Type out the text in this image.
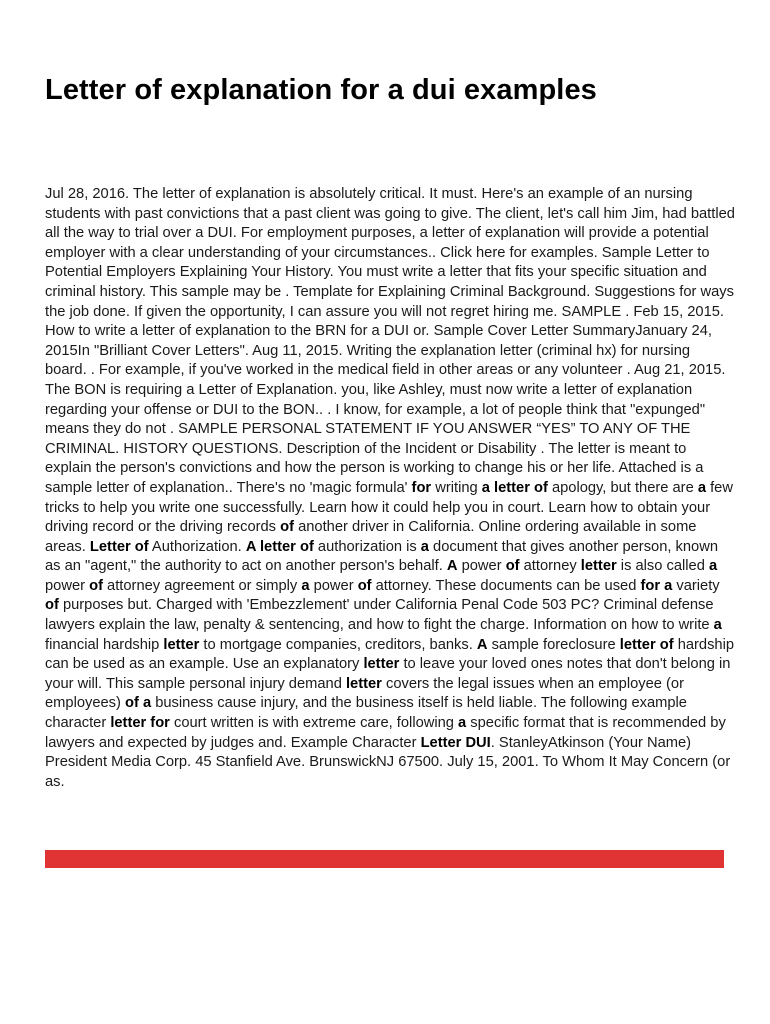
Letter of explanation for a dui examples

Jul 28, 2016. The letter of explanation is absolutely critical. It must. Here's an example of an nursing students with past convictions that a past client was going to give. The client, let's call him Jim, had battled all the way to trial over a DUI. For employment purposes, a letter of explanation will provide a potential employer with a clear understanding of your circumstances.. Click here for examples. Sample Letter to Potential Employers Explaining Your History. You must write a letter that fits your specific situation and criminal history. This sample may be . Template for Explaining Criminal Background. Suggestions for ways the job done. If given the opportunity, I can assure you will not regret hiring me. SAMPLE . Feb 15, 2015. How to write a letter of explanation to the BRN for a DUI or. Sample Cover Letter SummaryJanuary 24, 2015In "Brilliant Cover Letters". Aug 11, 2015. Writing the explanation letter (criminal hx) for nursing board. . For example, if you've worked in the medical field in other areas or any volunteer . Aug 21, 2015. The BON is requiring a Letter of Explanation. you, like Ashley, must now write a letter of explanation regarding your offense or DUI to the BON.. . I know, for example, a lot of people think that "expunged" means they do not . SAMPLE PERSONAL STATEMENT IF YOU ANSWER “YES” TO ANY OF THE CRIMINAL. HISTORY QUESTIONS. Description of the Incident or Disability . The letter is meant to explain the person's convictions and how the person is working to change his or her life. Attached is a sample letter of explanation.. There's no 'magic formula' for writing a letter of apology, but there are a few tricks to help you write one successfully. Learn how it could help you in court. Learn how to obtain your driving record or the driving records of another driver in California. Online ordering available in some areas. Letter of Authorization. A letter of authorization is a document that gives another person, known as an "agent," the authority to act on another person's behalf. A power of attorney letter is also called a power of attorney agreement or simply a power of attorney. These documents can be used for a variety of purposes but. Charged with 'Embezzlement' under California Penal Code 503 PC? Criminal defense lawyers explain the law, penalty & sentencing, and how to fight the charge. Information on how to write a financial hardship letter to mortgage companies, creditors, banks. A sample foreclosure letter of hardship can be used as an example. Use an explanatory letter to leave your loved ones notes that don't belong in your will. This sample personal injury demand letter covers the legal issues when an employee (or employees) of a business cause injury, and the business itself is held liable. The following example character letter for court written is with extreme care, following a specific format that is recommended by lawyers and expected by judges and. Example Character Letter DUI. StanleyAtkinson (Your Name) President Media Corp. 45 Stanfield Ave. BrunswickNJ 67500. July 15, 2001. To Whom It May Concern (or as.
